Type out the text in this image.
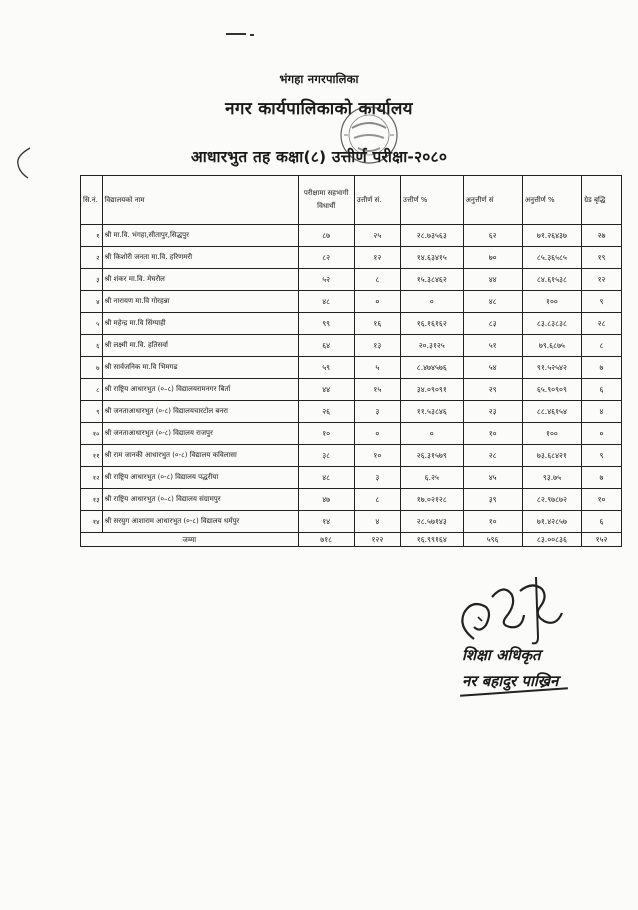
भंगहा नगरपालिका
नगर कार्यपालिकाको कार्यालय
आधारभुत तह कक्षा(८) उत्तीर्ण परीक्षा-२०८०
सि.नं.	विद्यालयको नाम	परीक्षामा सहभागी विधार्थी	उत्तीर्ण सं.	उत्तीर्ण %	अनुत्तीर्ण सं	अनुत्तीर्ण %	ग्रेड बृद्धि
१	श्री मा.वि. भंगहा,सीतापुर,सिद्धपुर	८७	२५	२८.७३५६३	६२	७१.२६४३७	२७
२	श्री किशोरी जनता मा.वि. हरिणमरी	८२	१२	१४.६३४१५	७०	८५.३६५८५	१९
३	श्री शंकर मा.वि. मेघरौल	५२	८	१५.३८४६२	४४	८४.६१५३८	१२
४	श्री नारायण मा.वि गोरहन्ना	४८	०	०	४८	१००	९
५	श्री महेन्द्र मा.वि सिंग्याही	९९	१६	१६.१६१६२	८३	८३.८३८३८	२८
६	श्री लक्ष्मी मा.वि. हतिसर्वा	६४	१३	२०.३१२५	५१	७९.६८७५	८
७	श्री सार्वजनिक मा.वि भिमगढ	५९	५	८.४७४५७६	५४	९१.५२५४२	७
८	श्री राष्ट्रिय आधारभुत (०–८) विद्यालयरामनगर बिर्ता	४४	१५	३४.०९०९१	२९	६५.९०९०९	६
९	श्री जनताआधारभुत (०-८) विद्यालयचारटोल बनरा	२६	३	११.५३८४६	२३	८८.४६१५४	४
१०	श्री जनताआधारभुत (०-८) विद्यालय राजपुर	१०	०	०	१०	१००	०
११	श्री राम जानकी आधारभुत (०-८) विद्यालय कविलासा	३८	१०	२६.३१५७९	२८	७३.६८४२१	९
१२	श्री राष्ट्रिय आधारभुत (०-८) विद्यालय पद्धरीया	४८	३	६.२५	४५	९३.७५	७
१३	श्री राष्ट्रिय आधारभुत (०–८) विद्यालय संग्रामपुर	४७	८	१७.०२१२८	३९	८२.९७८७२	१०
१४	श्री सरयुग आशाराम आधारभुत (०-८) विद्यालय धर्मपुर	१४	४	२८.५७१४३	१०	७१.४२८५७	६
जम्मा		७१८	१२२	१६.९९१६४	५९६	८३.००८३६	१५२
शिक्षा अधिकृत
नर बहादुर पाख्रिन
